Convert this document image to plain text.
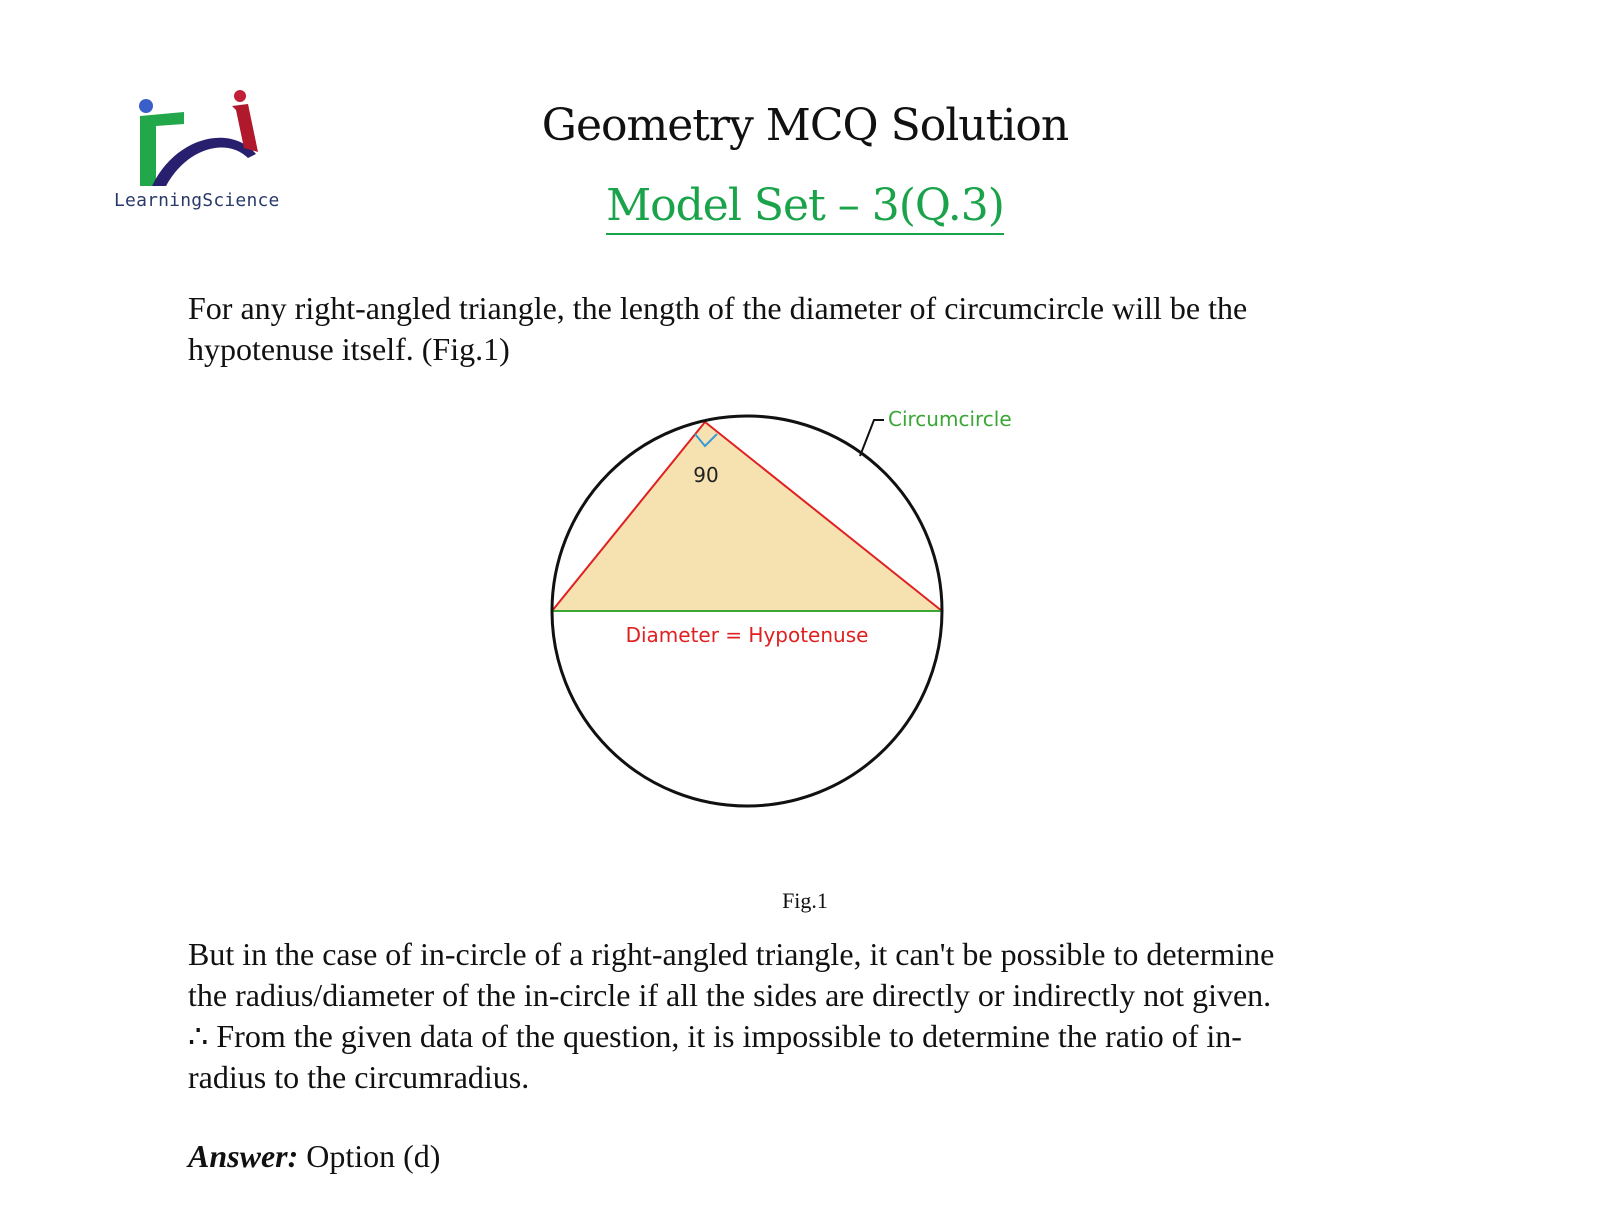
LearningScience
Geometry MCQ Solution
Model Set – 3(Q.3)
For any right-angled triangle, the length of the diameter of circumcircle will be the
hypotenuse itself. (Fig.1)
90
Diameter = Hypotenuse
Circumcircle
Fig.1
But in the case of in-circle of a right-angled triangle, it can't be possible to determine
the radius/diameter of the in-circle if all the sides are directly or indirectly not given.
∴ From the given data of the question, it is impossible to determine the ratio of in-
radius to the circumradius.
Answer: Option (d)
